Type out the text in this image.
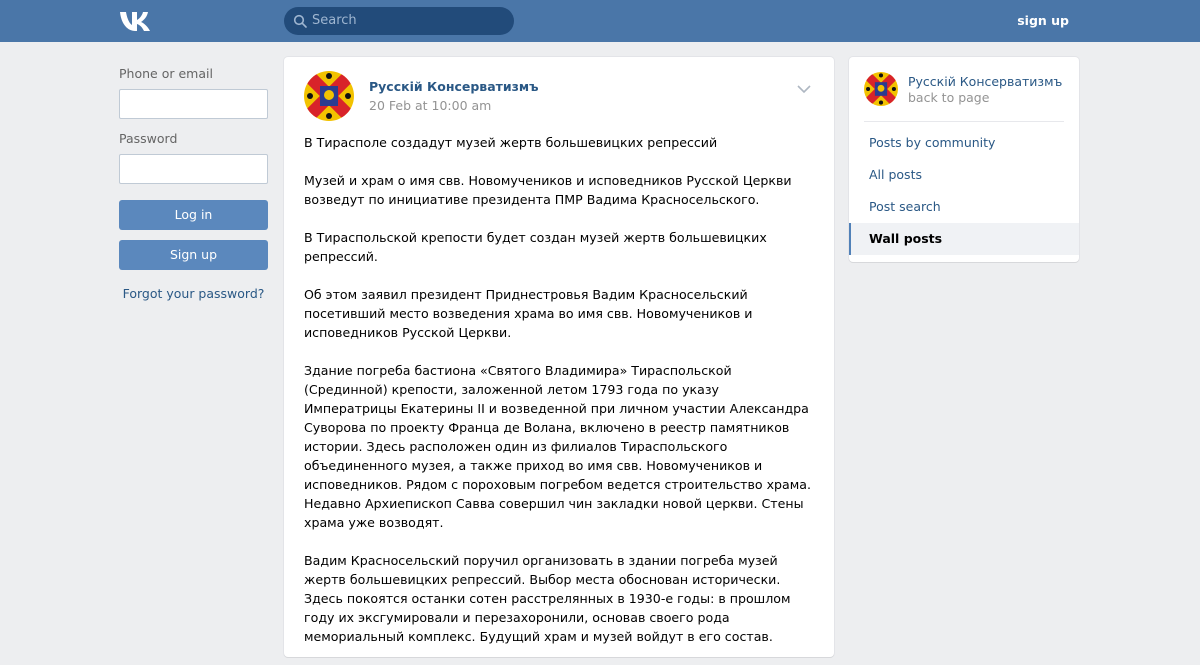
Search	sign up
Phone or email
Password
Log in
Sign up
Forgot your password?
Русскій Консерватизмъ
20 Feb at 10:00 am

В Тирасполе создадут музей жертв большевицких репрессий

Музей и храм о имя свв. Новомучеников и исповедников Русской Церкви возведут по инициативе президента ПМР Вадима Красносельского.

В Тираспольской крепости будет создан музей жертв большевицких репрессий.

Об этом заявил президент Приднестровья Вадим Красносельский посетивший место возведения храма во имя свв. Новомучеников и исповедников Русской Церкви.

Здание погреба бастиона «Святого Владимира» Тираспольской (Срединной) крепости, заложенной летом 1793 года по указу Императрицы Екатерины II и возведенной при личном участии Александра Суворова по проекту Франца де Волана, включено в реестр памятников истории. Здесь расположен один из филиалов Тираспольского объединенного музея, а также приход во имя свв. Новомучеников и исповедников. Рядом с пороховым погребом ведется строительство храма. Недавно Архиепископ Савва совершил чин закладки новой церкви. Стены храма уже возводят.

Вадим Красносельский поручил организовать в здании погреба музей жертв большевицких репрессий. Выбор места обоснован исторически. Здесь покоятся останки сотен расстрелянных в 1930-е годы: в прошлом году их эксгумировали и перезахоронили, основав своего рода мемориальный комплекс. Будущий храм и музей войдут в его состав.

Русскій Консерватизмъ
back to page
Posts by community
All posts
Post search
Wall posts
